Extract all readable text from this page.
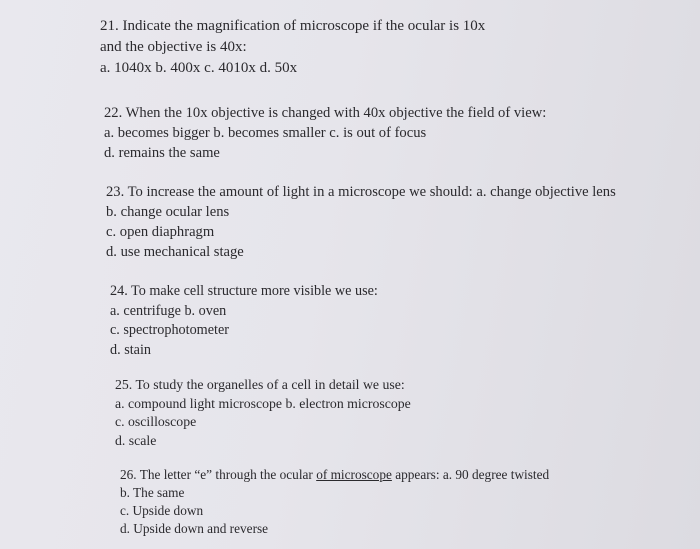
21. Indicate the magnification of microscope if the ocular is 10x
and the objective is 40x:
a. 1040x b. 400x c. 4010x d. 50x
22. When the 10x objective is changed with 40x objective the field of view:
a. becomes bigger b. becomes smaller c. is out of focus
d. remains the same
23. To increase the amount of light in a microscope we should: a. change objective lens
b. change ocular lens
c. open diaphragm
d. use mechanical stage
24. To make cell structure more visible we use:
a. centrifuge b. oven
c. spectrophotometer
d. stain
25. To study the organelles of a cell in detail we use:
a. compound light microscope b. electron microscope
c. oscilloscope
d. scale
26. The letter “e” through the ocular of microscope appears: a. 90 degree twisted
b. The same
c. Upside down
d. Upside down and reverse
